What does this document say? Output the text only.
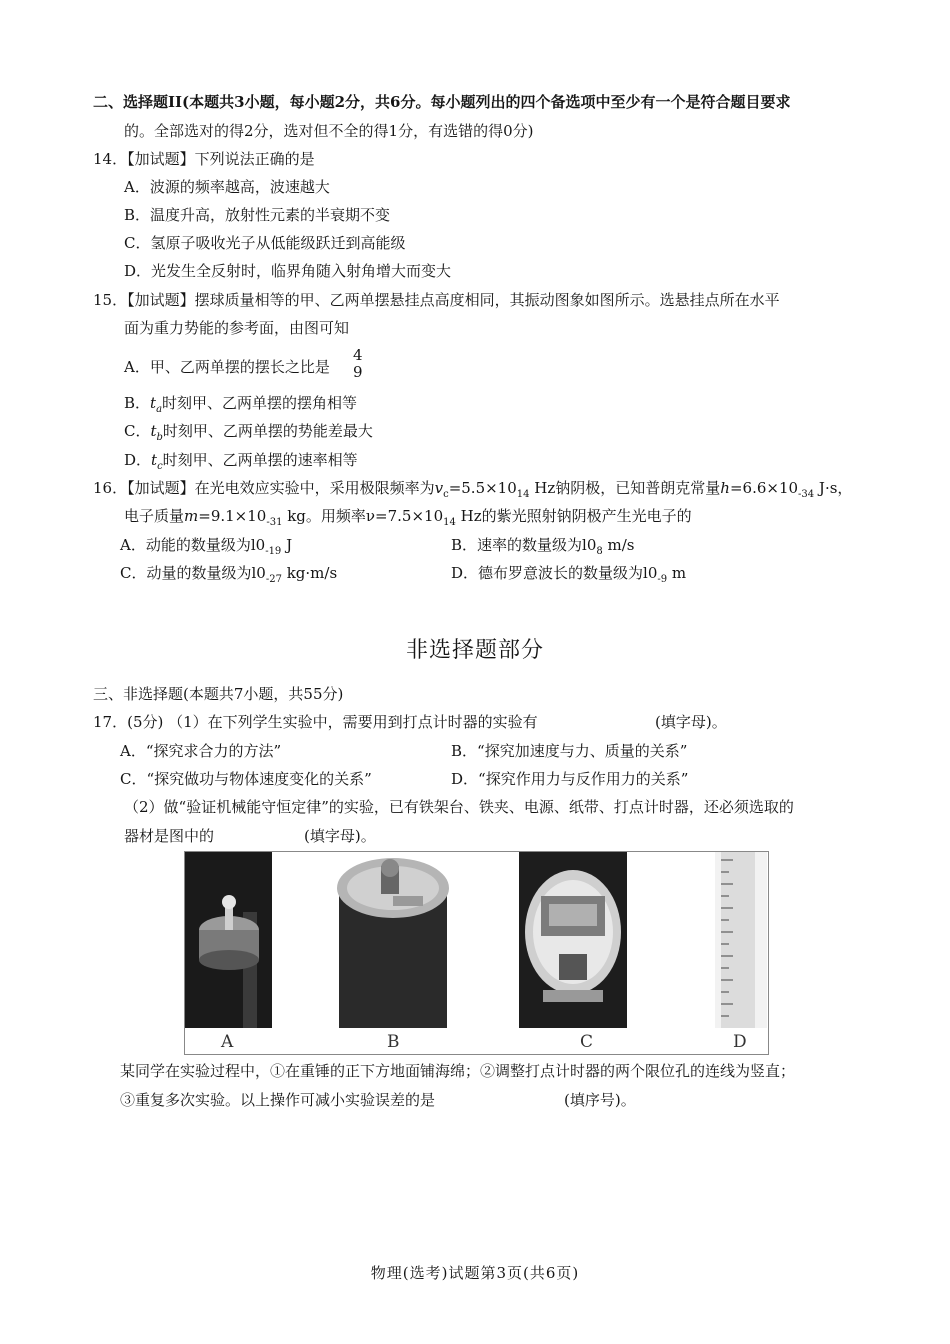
二、选择题II(本题共3小题，每小题2分，共6分。每小题列出的四个备选项中至少有一个是符合题目要求
的。全部选对的得2分，选对但不全的得1分，有选错的得0分)
14．【加试题】下列说法正确的是
A．波源的频率越高，波速越大
B．温度升高，放射性元素的半衰期不变
C．氢原子吸收光子从低能级跃迁到高能级
D．光发生全反射时，临界角随入射角增大而变大
15．【加试题】摆球质量相等的甲、乙两单摆悬挂点高度相同，其振动图象如图所示。选悬挂点所在水平
面为重力势能的参考面，由图可知
A．甲、乙两单摆的摆长之比是
4
9
B．$t_a$时刻甲、乙两单摆的摆角相等
C．$t_b$时刻甲、乙两单摆的势能差最大
D．$t_c$时刻甲、乙两单摆的速率相等
16．【加试题】在光电效应实验中，采用极限频率为$v_c=5.5\times 10_{14}$ Hz钠阴极，已知普朗克常量$h=6.6\times 10_{-34}$ J·s，
电子质量$m=9.1\times 10_{-31}$ kg。用频率$\nu=7.5\times 10_{14}$ Hz的紫光照射钠阴极产生光电子的
A．动能的数量级为$l0_{-19}$ J	B．速率的数量级为$l0_8$ m/s
C．动量的数量级为$l0_{-27}$ kg·m/s	D．德布罗意波长的数量级为$l0_{-9}$ m
非选择题部分
三、非选择题(本题共7小题，共55分)
17．(5分) （1）在下列学生实验中，需要用到打点计时器的实验有	(填字母)。
A．“探究求合力的方法”	B．“探究加速度与力、质量的关系”
C．“探究做功与物体速度变化的关系”	D．“探究作用力与反作用力的关系”
（2）做“验证机械能守恒定律”的实验，已有铁架台、铁夹、电源、纸带、打点计时器，还必须选取的
器材是图中的	(填字母)。
A	B	C	D
某同学在实验过程中，①在重锤的正下方地面铺海绵；②调整打点计时器的两个限位孔的连线为竖直；
③重复多次实验。以上操作可减小实验误差的是	(填序号)。
物理(选考)试题第3页(共6页)
